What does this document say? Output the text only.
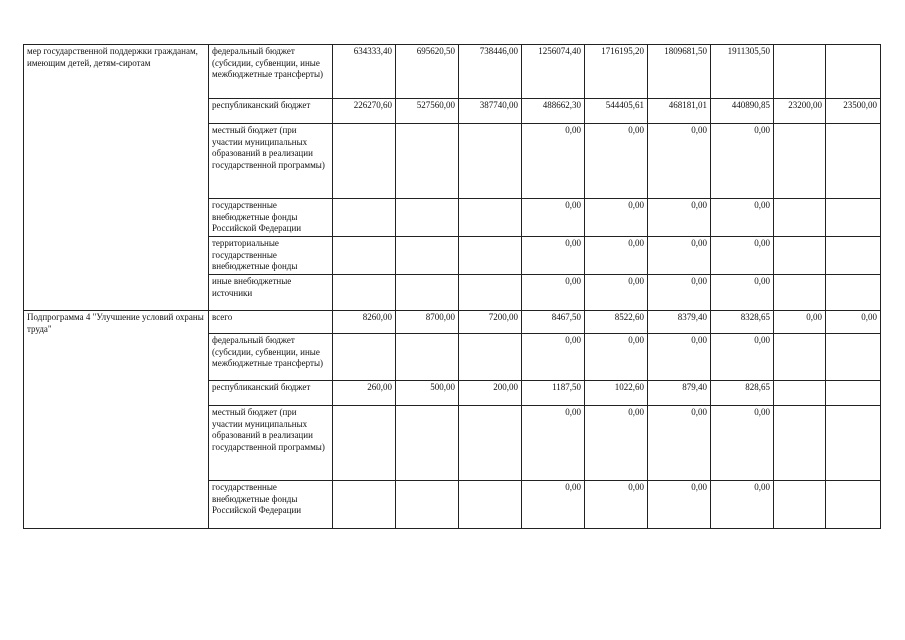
мер государственной поддержки гражданам, имеющим детей, детям-сиротам	федеральный бюджет (субсидии, субвенции, иные межбюджетные трансферты)	634333,40	695620,50	738446,00	1256074,40	1716195,20	1809681,50	1911305,50		
	республиканский бюджет	226270,60	527560,00	387740,00	488662,30	544405,61	468181,01	440890,85	23200,00	23500,00
	местный бюджет (при участии муниципальных образований в реализации государственной программы)				0,00	0,00	0,00	0,00		
	государственные внебюджетные фонды Российской Федерации				0,00	0,00	0,00	0,00		
	территориальные государственные внебюджетные фонды				0,00	0,00	0,00	0,00		
	иные внебюджетные источники				0,00	0,00	0,00	0,00		
Подпрограмма 4 "Улучшение условий охраны труда"	всего	8260,00	8700,00	7200,00	8467,50	8522,60	8379,40	8328,65	0,00	0,00
	федеральный бюджет (субсидии, субвенции, иные межбюджетные трансферты)				0,00	0,00	0,00	0,00		
	республиканский бюджет	260,00	500,00	200,00	1187,50	1022,60	879,40	828,65		
	местный бюджет (при участии муниципальных образований в реализации государственной программы)				0,00	0,00	0,00	0,00		
	государственные внебюджетные фонды Российской Федерации				0,00	0,00	0,00	0,00		
